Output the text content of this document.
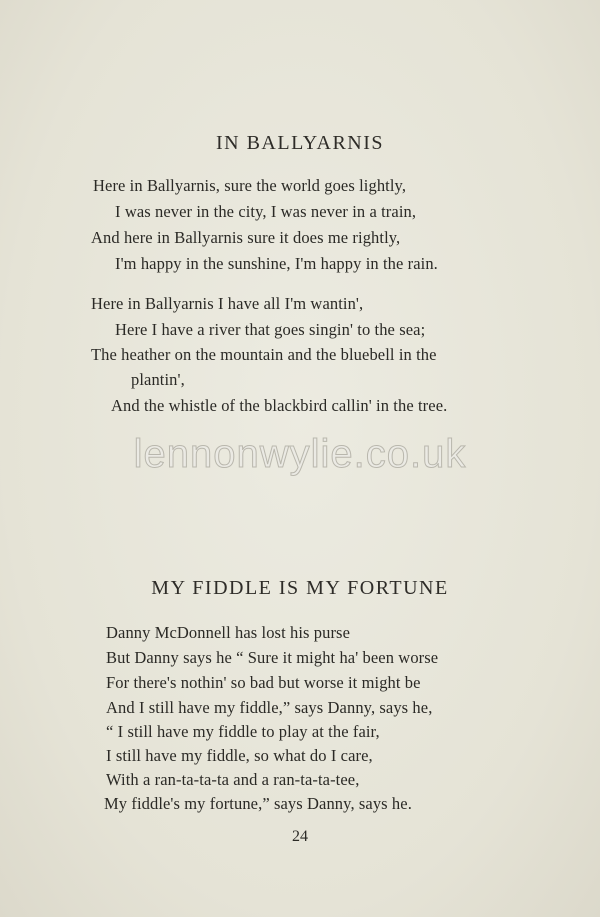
IN BALLYARNIS
Here in Ballyarnis, sure the world goes lightly,
I was never in the city, I was never in a train,
And here in Ballyarnis sure it does me rightly,
I'm happy in the sunshine, I'm happy in the rain.
Here in Ballyarnis I have all I'm wantin',
Here I have a river that goes singin' to the sea;
The heather on the mountain and the bluebell in the
plantin',
And the whistle of the blackbird callin' in the tree.
lennonwylie.co.uk
MY FIDDLE IS MY FORTUNE
Danny McDonnell has lost his purse
But Danny says he “ Sure it might ha' been worse
For there's nothin' so bad but worse it might be
And I still have my fiddle,” says Danny, says he,
“ I still have my fiddle to play at the fair,
I still have my fiddle, so what do I care,
With a ran-ta-ta-ta and a ran-ta-ta-tee,
My fiddle's my fortune,” says Danny, says he.
24
